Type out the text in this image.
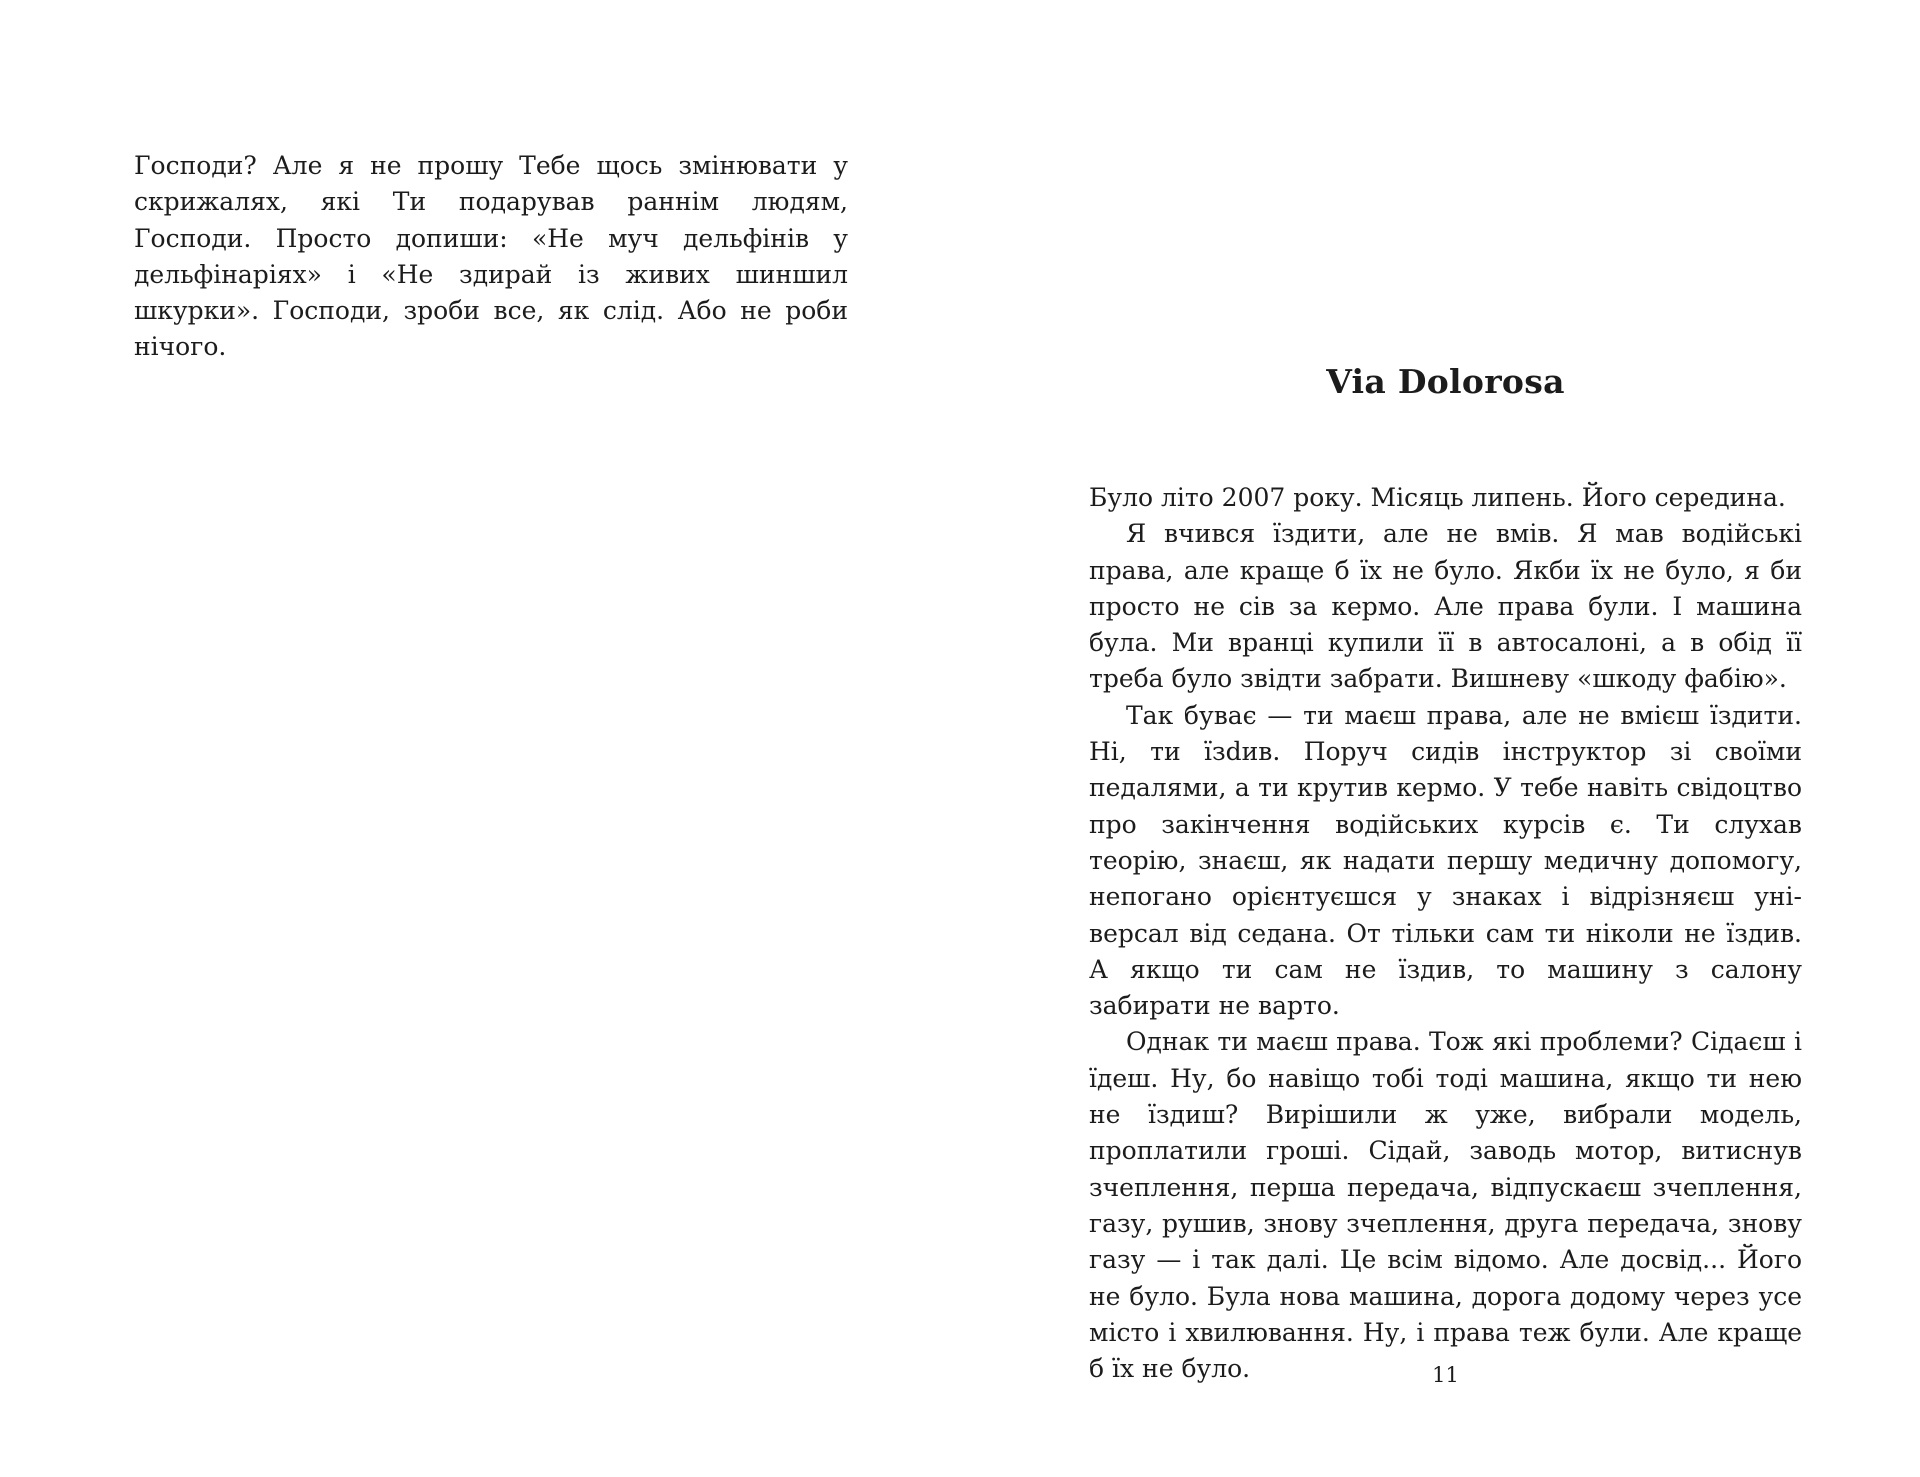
Господи? Але я не прошу Тебе щось змінювати у скрижалях, які Ти подарував раннім людям, Господи. Просто допиши: «Не муч дельфінів у дельфінаріях» і «Не здирай із живих шиншил шкурки». Господи, зроби все, як слід. Або не роби нічого.

Via Dolorosa

Було літо 2007 року. Місяць липень. Його середина.

Я вчився їздити, але не вмів. Я мав водійські права, але краще б їх не було. Якби їх не було, я би просто не сів за кермо. Але права були. І машина була. Ми вранці купили її в автосалоні, а в обід її треба було звідти забрати. Вишневу «шкоду фабію».

Так буває — ти маєш права, але не вмієш їздити. Ні, ти їзdив. Поруч сидів інструктор зі своїми педалями, а ти крутив кермо. У тебе навіть свідоцтво про закінчення водійських курсів є. Ти слухав теорію, знаєш, як надати першу медичну допомогу, непогано орієнтуєшся у знаках і відрізняєш універсал від седана. От тільки сам ти ніколи не їздив. А якщо ти сам не їздив, то машину з салону забирати не варто.

Однак ти маєш права. Тож які проблеми? Сідаєш і їдеш. Ну, бо навіщо тобі тоді машина, якщо ти нею не їздиш? Вирішили ж уже, вибрали модель, проплатили гроші. Сідай, заводь мотор, витиснув зчеплення, перша передача, відпускаєш зчеплення, газу, рушив, знову зчеплення, друга передача, знову газу — і так далі. Це всім відомо. Але досвід... Його не було. Була нова машина, дорога додому через усе місто і хвилювання. Ну, і права теж були. Але краще б їх не було.	11
